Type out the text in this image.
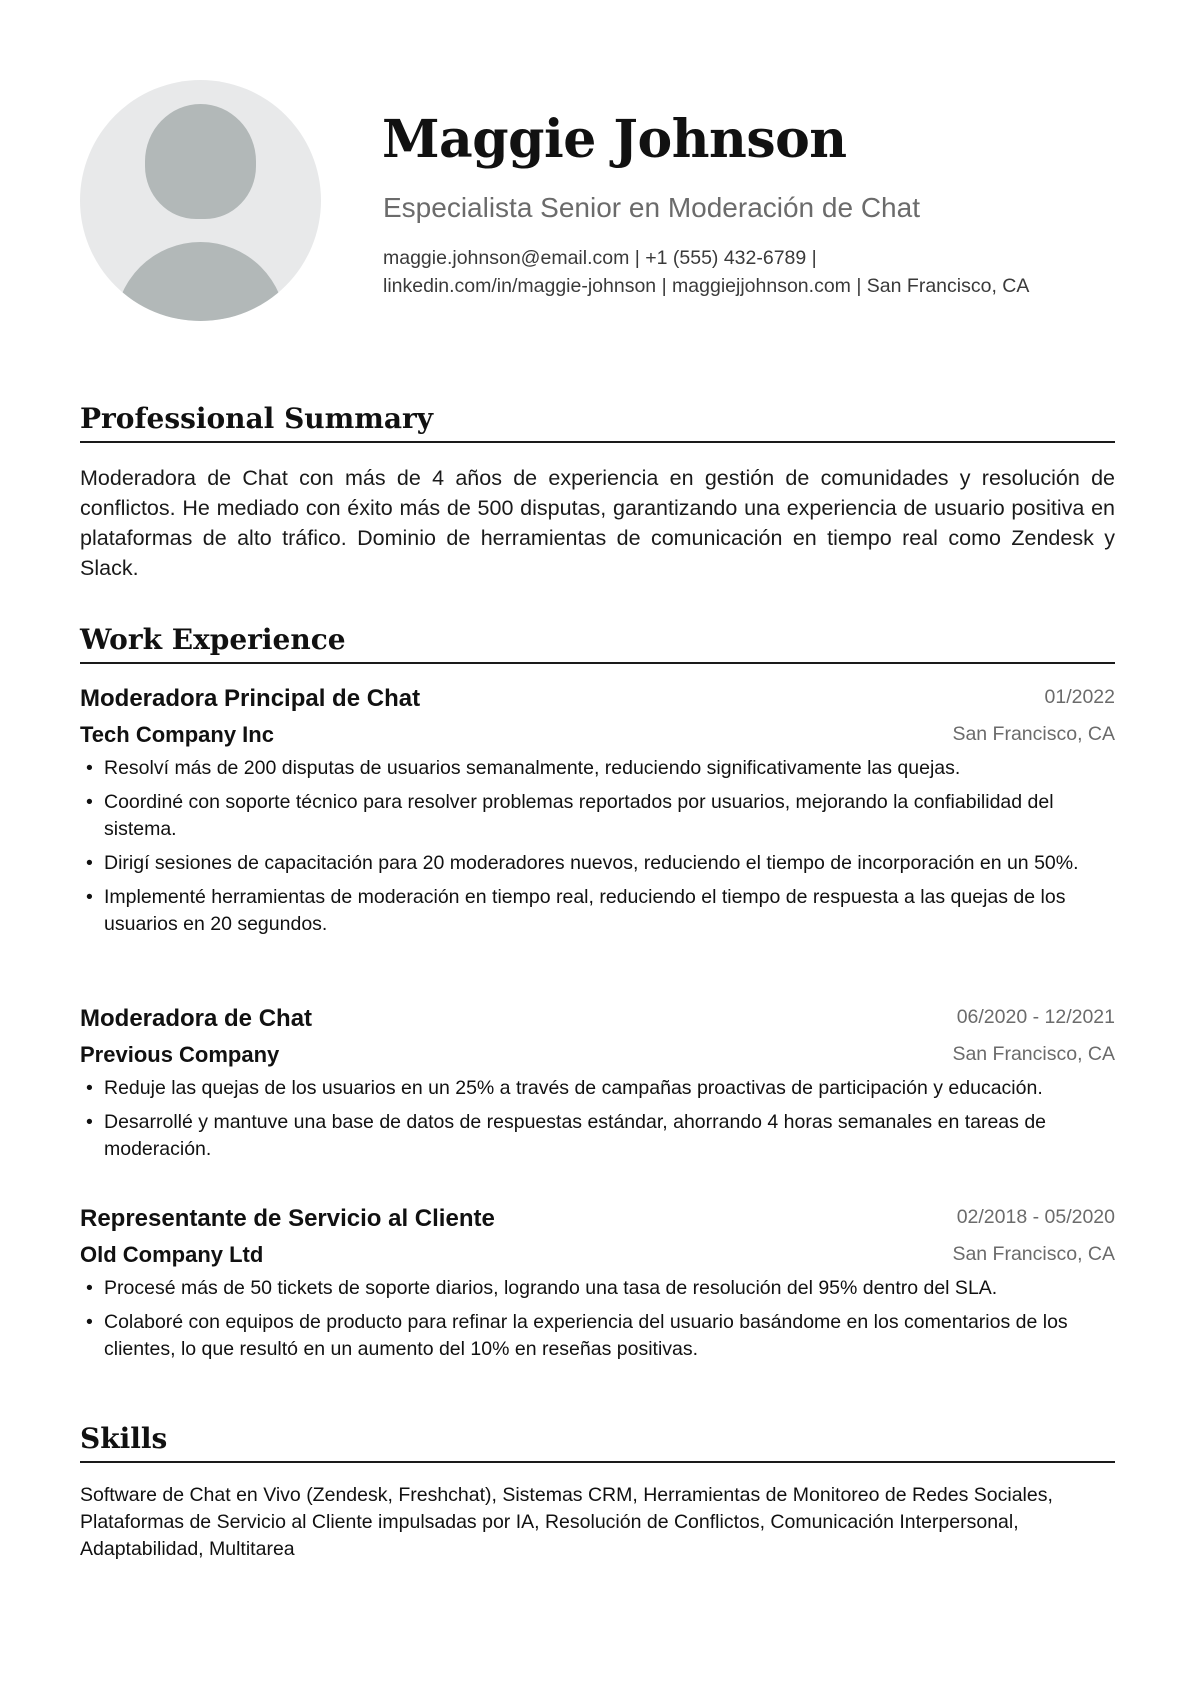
Maggie Johnson
Especialista Senior en Moderación de Chat
maggie.johnson@email.com | +1 (555) 432-6789 |
linkedin.com/in/maggie-johnson | maggiejjohnson.com | San Francisco, CA
Professional Summary

Moderadora de Chat con más de 4 años de experiencia en gestión de comunidades y resolución de conflictos. He mediado con éxito más de 500 disputas, garantizando una experiencia de usuario positiva en plataformas de alto tráfico. Dominio de herramientas de comunicación en tiempo real como Zendesk y Slack.

Work Experience
Moderadora Principal de Chat	01/2022
Tech Company Inc	San Francisco, CA
• Resolví más de 200 disputas de usuarios semanalmente, reduciendo significativamente las quejas.
• Coordiné con soporte técnico para resolver problemas reportados por usuarios, mejorando la confiabilidad del sistema.
• Dirigí sesiones de capacitación para 20 moderadores nuevos, reduciendo el tiempo de incorporación en un 50%.
• Implementé herramientas de moderación en tiempo real, reduciendo el tiempo de respuesta a las quejas de los usuarios en 20 segundos.
Moderadora de Chat	06/2020 - 12/2021
Previous Company	San Francisco, CA
• Reduje las quejas de los usuarios en un 25% a través de campañas proactivas de participación y educación.
• Desarrollé y mantuve una base de datos de respuestas estándar, ahorrando 4 horas semanales en tareas de moderación.
Representante de Servicio al Cliente	02/2018 - 05/2020
Old Company Ltd	San Francisco, CA
• Procesé más de 50 tickets de soporte diarios, logrando una tasa de resolución del 95% dentro del SLA.
• Colaboré con equipos de producto para refinar la experiencia del usuario basándome en los comentarios de los clientes, lo que resultó en un aumento del 10% en reseñas positivas.
Skills

Software de Chat en Vivo (Zendesk, Freshchat), Sistemas CRM, Herramientas de Monitoreo de Redes Sociales, Plataformas de Servicio al Cliente impulsadas por IA, Resolución de Conflictos, Comunicación Interpersonal, Adaptabilidad, Multitarea
